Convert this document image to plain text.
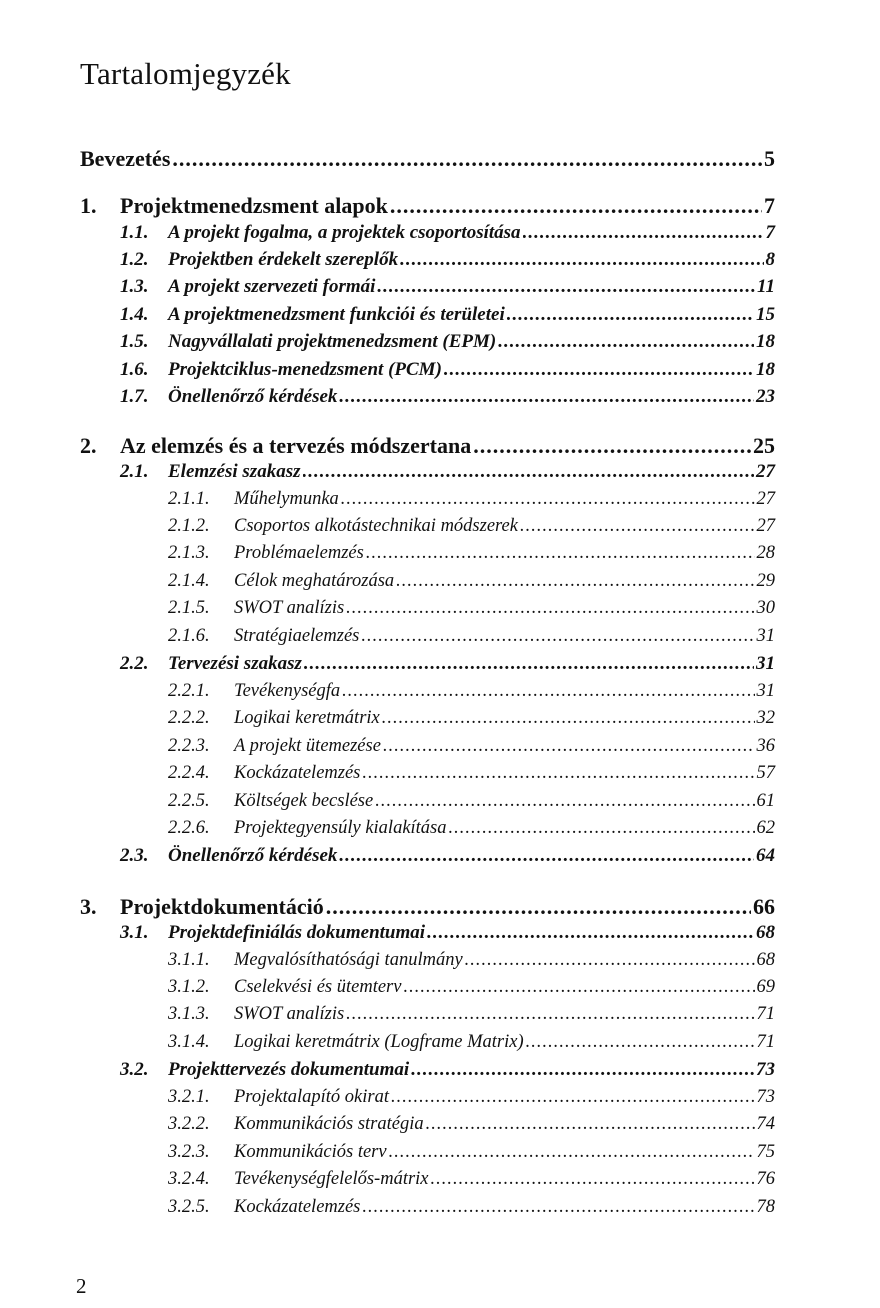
Tartalomjegyzék
Bevezetés .....	5
1.	Projektmenedzsment alapok .....	7
1.1.	A projekt fogalma, a projektek csoportosítása .....	7
1.2.	Projektben érdekelt szereplők .....	8
1.3.	A projekt szervezeti formái .....	11
1.4.	A projektmenedzsment funkciói és területei .....	15
1.5.	Nagyvállalati projektmenedzsment (EPM) .....	18
1.6.	Projektciklus-menedzsment (PCM) .....	18
1.7.	Önellenőrző kérdések .....	23
2.	Az elemzés és a tervezés módszertana .....	25
2.1.	Elemzési szakasz .....	27
2.1.1.	Műhelymunka .....	27
2.1.2.	Csoportos alkotástechnikai módszerek .....	27
2.1.3.	Problémaelemzés .....	28
2.1.4.	Célok meghatározása .....	29
2.1.5.	SWOT analízis .....	30
2.1.6.	Stratégiaelemzés .....	31
2.2.	Tervezési szakasz .....	31
2.2.1.	Tevékenységfa .....	31
2.2.2.	Logikai keretmátrix .....	32
2.2.3.	A projekt ütemezése .....	36
2.2.4.	Kockázatelemzés .....	57
2.2.5.	Költségek becslése .....	61
2.2.6.	Projektegyensúly kialakítása .....	62
2.3.	Önellenőrző kérdések .....	64
3.	Projektdokumentáció .....	66
3.1.	Projektdefiniálás dokumentumai .....	68
3.1.1.	Megvalósíthatósági tanulmány .....	68
3.1.2.	Cselekvési és ütemterv .....	69
3.1.3.	SWOT analízis .....	71
3.1.4.	Logikai keretmátrix (Logframe Matrix) .....	71
3.2.	Projekttervezés dokumentumai .....	73
3.2.1.	Projektalapító okirat .....	73
3.2.2.	Kommunikációs stratégia .....	74
3.2.3.	Kommunikációs terv .....	75
3.2.4.	Tevékenységfelelős-mátrix .....	76
3.2.5.	Kockázatelemzés .....	78
2
